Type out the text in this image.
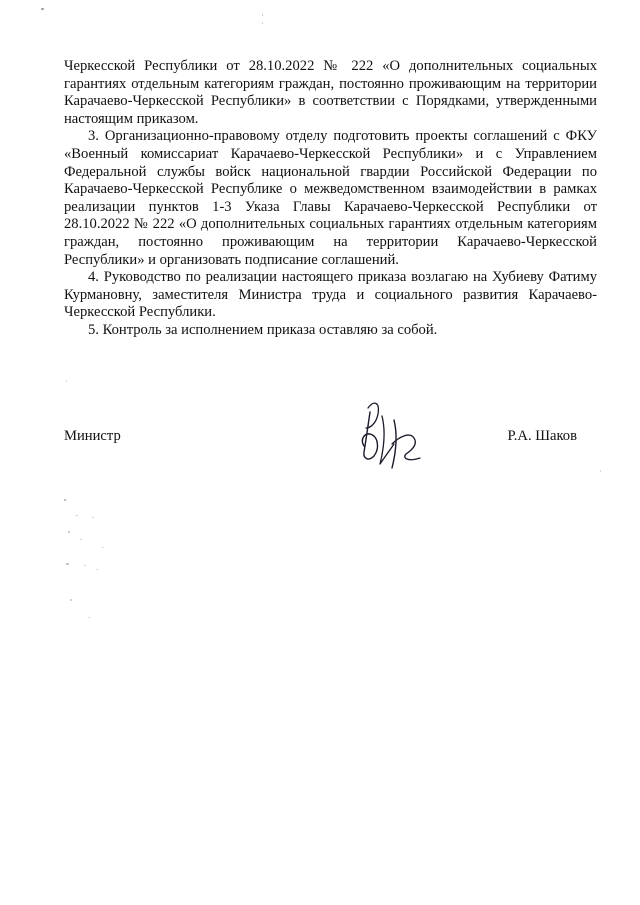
Черкесской Республики от 28.10.2022 № 222 «О дополнительных социальных гарантиях отдельным категориям граждан, постоянно проживающим на территории Карачаево-Черкесской Республики» в соответствии с Порядками, утвержденными настоящим приказом.

3. Организационно-правовому отделу подготовить проекты соглашений с ФКУ «Военный комиссариат Карачаево-Черкесской Республики» и с Управлением Федеральной службы войск национальной гвардии Российской Федерации по Карачаево-Черкесской Республике о межведомственном взаимодействии в рамках реализации пунктов 1-3 Указа Главы Карачаево-Черкесской Республики от 28.10.2022 № 222 «О дополнительных социальных гарантиях отдельным категориям граждан, постоянно проживающим на территории Карачаево-Черкесской Республики» и организовать подписание соглашений.

4. Руководство по реализации настоящего приказа возлагаю на Хубиеву Фатиму Курмановну, заместителя Министра труда и социального развития Карачаево-Черкесской Республики.

5. Контроль за исполнением приказа оставляю за собой.

Министр	Р.А. Шаков
